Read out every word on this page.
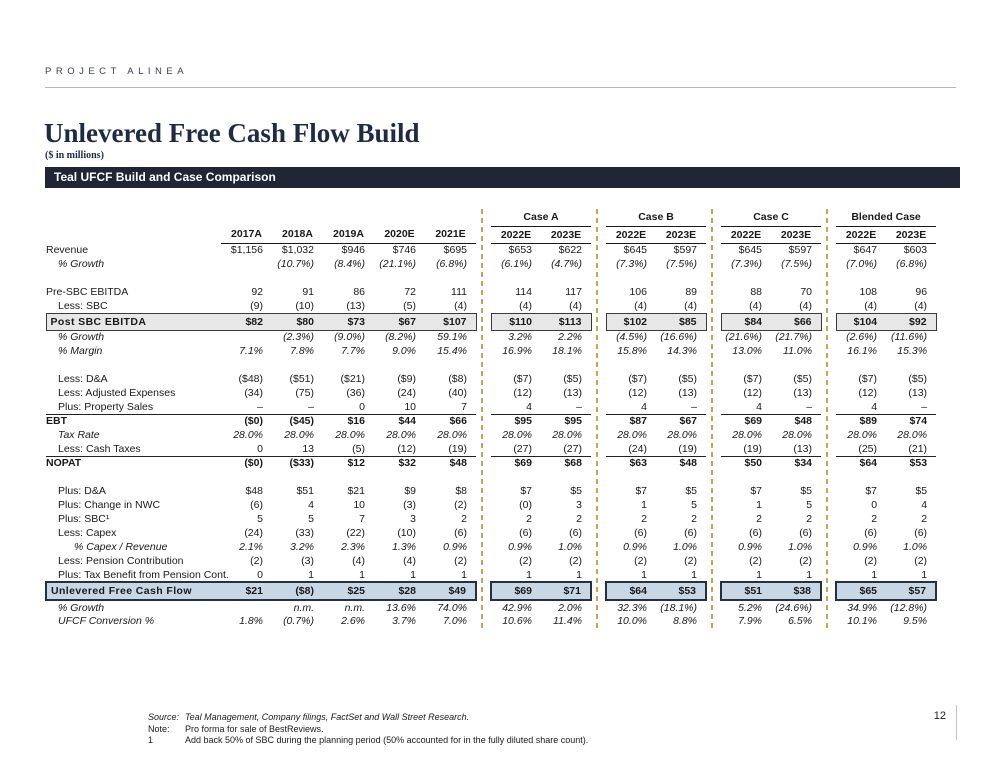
PROJECT ALINEA
Unlevered Free Cash Flow Build
($ in millions)
Teal UFCF Build and Case Comparison
							Case A			Case B			Case C			Blended Case	
	2017A	2018A	2019A	2020E	2021E		2022E	2023E		2022E	2023E		2022E	2023E		2022E	2023E
Revenue	$1,156	$1,032	$946	$746	$695		$653	$622		$645	$597		$645	$597		$647	$603
% Growth		(10.7%)	(8.4%)	(21.1%)	(6.8%)		(6.1%)	(4.7%)		(7.3%)	(7.5%)		(7.3%)	(7.5%)		(7.0%)	(6.8%)

Pre-SBC EBITDA	92	91	86	72	111		114	117		106	89		88	70		108	96
Less: SBC	(9)	(10)	(13)	(5)	(4)		(4)	(4)		(4)	(4)		(4)	(4)		(4)	(4)
Post SBC EBITDA	$82	$80	$73	$67	$107		$110	$113		$102	$85		$84	$66		$104	$92
% Growth		(2.3%)	(9.0%)	(8.2%)	59.1%		3.2%	2.2%		(4.5%)	(16.6%)		(21.6%)	(21.7%)		(2.6%)	(11.6%)
% Margin	7.1%	7.8%	7.7%	9.0%	15.4%		16.9%	18.1%		15.8%	14.3%		13.0%	11.0%		16.1%	15.3%

Less: D&A	($48)	($51)	($21)	($9)	($8)		($7)	($5)		($7)	($5)		($7)	($5)		($7)	($5)
Less: Adjusted Expenses	(34)	(75)	(36)	(24)	(40)		(12)	(13)		(12)	(13)		(12)	(13)		(12)	(13)
Plus: Property Sales	–	–	0	10	7		4	–		4	–		4	–		4	–
EBT	($0)	($45)	$16	$44	$66		$95	$95		$87	$67		$69	$48		$89	$74
Tax Rate	28.0%	28.0%	28.0%	28.0%	28.0%		28.0%	28.0%		28.0%	28.0%		28.0%	28.0%		28.0%	28.0%
Less: Cash Taxes	0	13	(5)	(12)	(19)		(27)	(27)		(24)	(19)		(19)	(13)		(25)	(21)
NOPAT	($0)	($33)	$12	$32	$48		$69	$68		$63	$48		$50	$34		$64	$53

Plus: D&A	$48	$51	$21	$9	$8		$7	$5		$7	$5		$7	$5		$7	$5
Plus: Change in NWC	(6)	4	10	(3)	(2)		(0)	3		1	5		1	5		0	4
Plus: SBC¹	5	5	7	3	2		2	2		2	2		2	2		2	2
Less: Capex	(24)	(33)	(22)	(10)	(6)		(6)	(6)		(6)	(6)		(6)	(6)		(6)	(6)
% Capex / Revenue	2.1%	3.2%	2.3%	1.3%	0.9%		0.9%	1.0%		0.9%	1.0%		0.9%	1.0%		0.9%	1.0%
Less: Pension Contribution	(2)	(3)	(4)	(4)	(2)		(2)	(2)		(2)	(2)		(2)	(2)		(2)	(2)
Plus: Tax Benefit from Pension Cont.	0	1	1	1	1		1	1		1	1		1	1		1	1
Unlevered Free Cash Flow	$21	($8)	$25	$28	$49		$69	$71		$64	$53		$51	$38		$65	$57
% Growth		n.m.	n.m.	13.6%	74.0%		42.9%	2.0%		32.3%	(18.1%)		5.2%	(24.6%)		34.9%	(12.8%)
UFCF Conversion %	1.8%	(0.7%)	2.6%	3.7%	7.0%		10.6%	11.4%		10.0%	8.8%		7.9%	6.5%		10.1%	9.5%
Source: Teal Management, Company filings, FactSet and Wall Street Research.
Note:	Pro forma for sale of BestReviews.
1	Add back 50% of SBC during the planning period (50% accounted for in the fully diluted share count).
12
